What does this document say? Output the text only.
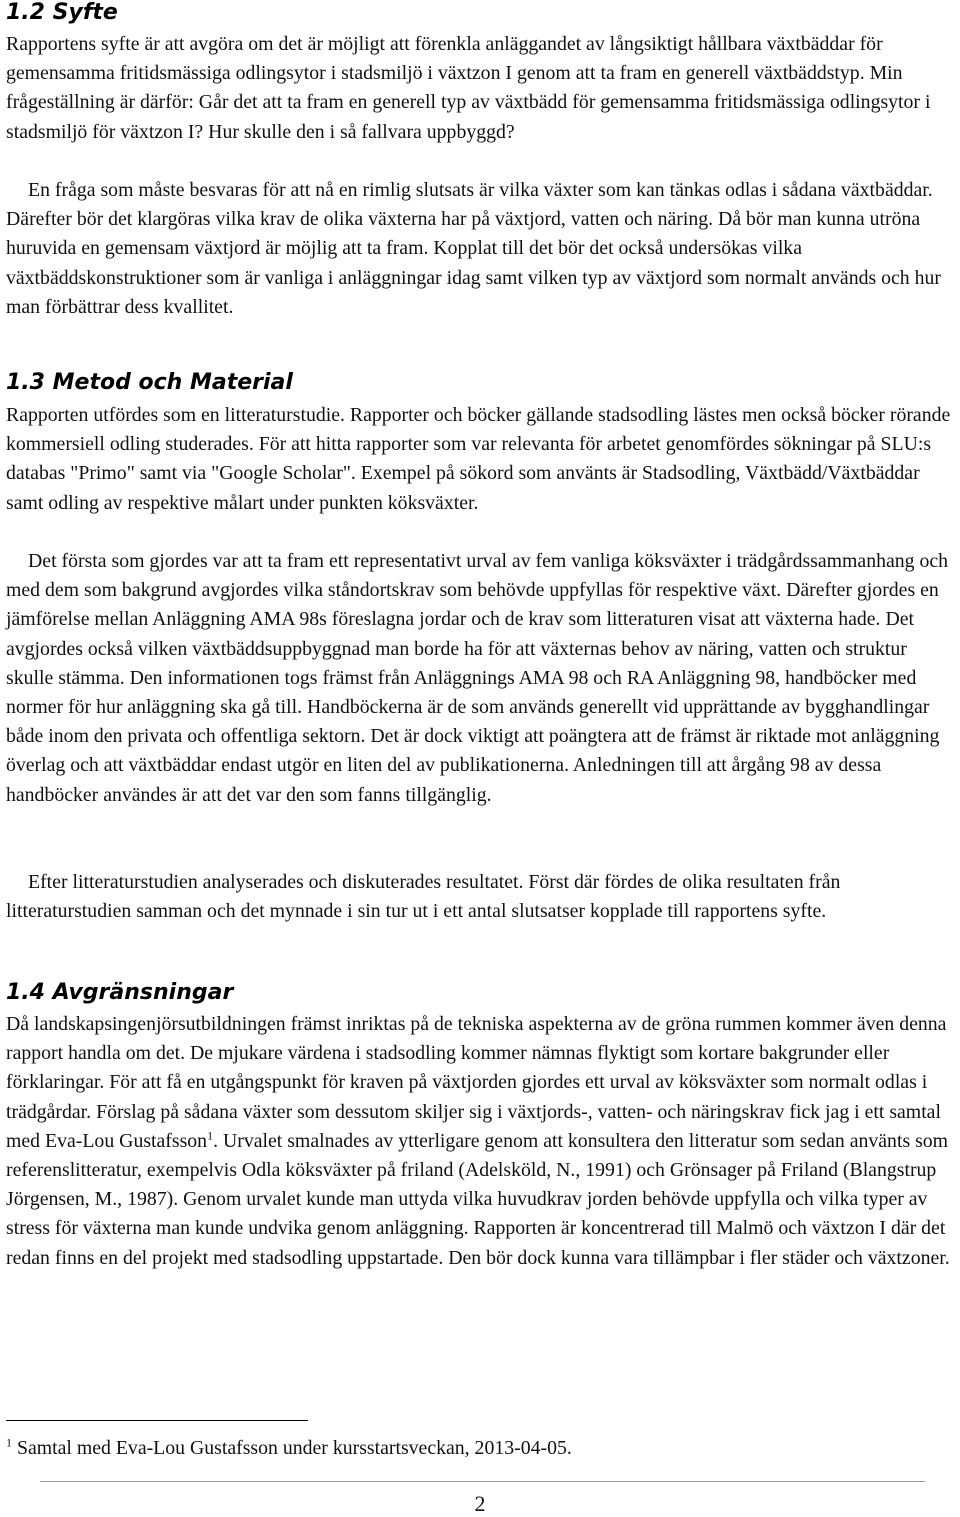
1.2 Syfte

Rapportens syfte är att avgöra om det är möjligt att förenkla anläggandet av långsiktigt hållbara växtbäddar för gemensamma fritidsmässiga odlingsytor i stadsmiljö i växtzon I genom att ta fram en generell växtbäddstyp. Min frågeställning är därför: Går det att ta fram en generell typ av växtbädd för gemensamma fritidsmässiga odlingsytor i stadsmiljö för växtzon I? Hur skulle den i så fallvara uppbyggd?

En fråga som måste besvaras för att nå en rimlig slutsats är vilka växter som kan tänkas odlas i sådana växtbäddar. Därefter bör det klargöras vilka krav de olika växterna har på växtjord, vatten och näring. Då bör man kunna utröna huruvida en gemensam växtjord är möjlig att ta fram. Kopplat till det bör det också undersökas vilka växtbäddskonstruktioner som är vanliga i anläggningar idag samt vilken typ av växtjord som normalt används och hur man förbättrar dess kvallitet.

1.3 Metod och Material

Rapporten utfördes som en litteraturstudie. Rapporter och böcker gällande stadsodling lästes men också böcker rörande kommersiell odling studerades. För att hitta rapporter som var relevanta för arbetet genomfördes sökningar på SLU:s databas "Primo" samt via "Google Scholar". Exempel på sökord som använts är Stadsodling, Växtbädd/Växtbäddar samt odling av respektive målart under punkten köksväxter.

Det första som gjordes var att ta fram ett representativt urval av fem vanliga köksväxter i trädgårdssammanhang och med dem som bakgrund avgjordes vilka ståndortskrav som behövde uppfyllas för respektive växt. Därefter gjordes en jämförelse mellan Anläggning AMA 98s föreslagna jordar och de krav som litteraturen visat att växterna hade. Det avgjordes också vilken växtbäddsuppbyggnad man borde ha för att växternas behov av näring, vatten och struktur skulle stämma. Den informationen togs främst från Anläggnings AMA 98 och RA Anläggning 98, handböcker med normer för hur anläggning ska gå till. Handböckerna är de som används generellt vid upprättande av bygghandlingar både inom den privata och offentliga sektorn. Det är dock viktigt att poängtera att de främst är riktade mot anläggning överlag och att växtbäddar endast utgör en liten del av publikationerna. Anledningen till att årgång 98 av dessa handböcker användes är att det var den som fanns tillgänglig.

Efter litteraturstudien analyserades och diskuterades resultatet. Först där fördes de olika resultaten från litteraturstudien samman och det mynnade i sin tur ut i ett antal slutsatser kopplade till rapportens syfte.

1.4 Avgränsningar

Då landskapsingenjörsutbildningen främst inriktas på de tekniska aspekterna av de gröna rummen kommer även denna rapport handla om det. De mjukare värdena i stadsodling kommer nämnas flyktigt som kortare bakgrunder eller förklaringar. För att få en utgångspunkt för kraven på växtjorden gjordes ett urval av köksväxter som normalt odlas i trädgårdar. Förslag på sådana växter som dessutom skiljer sig i växtjords-, vatten- och näringskrav fick jag i ett samtal med Eva-Lou Gustafsson$^1$. Urvalet smalnades av ytterligare genom att konsultera den litteratur som sedan använts som referenslitteratur, exempelvis Odla köksväxter på friland (Adelsköld, N., 1991) och Grönsager på Friland (Blangstrup Jörgensen, M., 1987). Genom urvalet kunde man uttyda vilka huvudkrav jorden behövde uppfylla och vilka typer av stress för växterna man kunde undvika genom anläggning. Rapporten är koncentrerad till Malmö och växtzon I där det redan finns en del projekt med stadsodling uppstartade. Den bör dock kunna vara tillämpbar i fler städer och växtzoner.

$^1$ Samtal med Eva-Lou Gustafsson under kursstartsveckan, 2013-04-05.

2
